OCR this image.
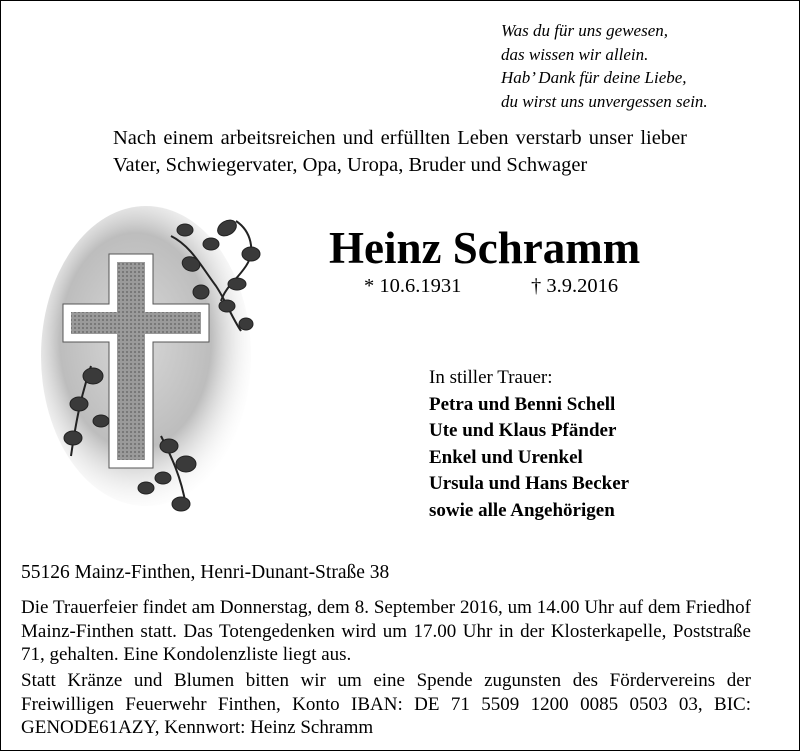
Was du für uns gewesen,
das wissen wir allein.
Hab’ Dank für deine Liebe,
du wirst uns unvergessen sein.
Nach einem arbeitsreichen und erfüllten Leben verstarb unser lieber Vater, Schwiegervater, Opa, Uropa, Bruder und Schwager
Heinz Schramm
* 10.6.1931	† 3.9.2016
In stiller Trauer:
Petra und Benni Schell
Ute und Klaus Pfänder
Enkel und Urenkel
Ursula und Hans Becker
sowie alle Angehörigen
55126 Mainz-Finthen, Henri-Dunant-Straße 38
Die Trauerfeier findet am Donnerstag, dem 8. September 2016, um 14.00 Uhr auf dem Friedhof Mainz-Finthen statt. Das Totengedenken wird um 17.00 Uhr in der Klosterkapelle, Poststraße 71, gehalten. Eine Kondolenzliste liegt aus.
Statt Kränze und Blumen bitten wir um eine Spende zugunsten des Fördervereins der Freiwilligen Feuerwehr Finthen, Konto IBAN: DE 71 5509 1200 0085 0503 03, BIC: GENODE61AZY, Kennwort: Heinz Schramm
